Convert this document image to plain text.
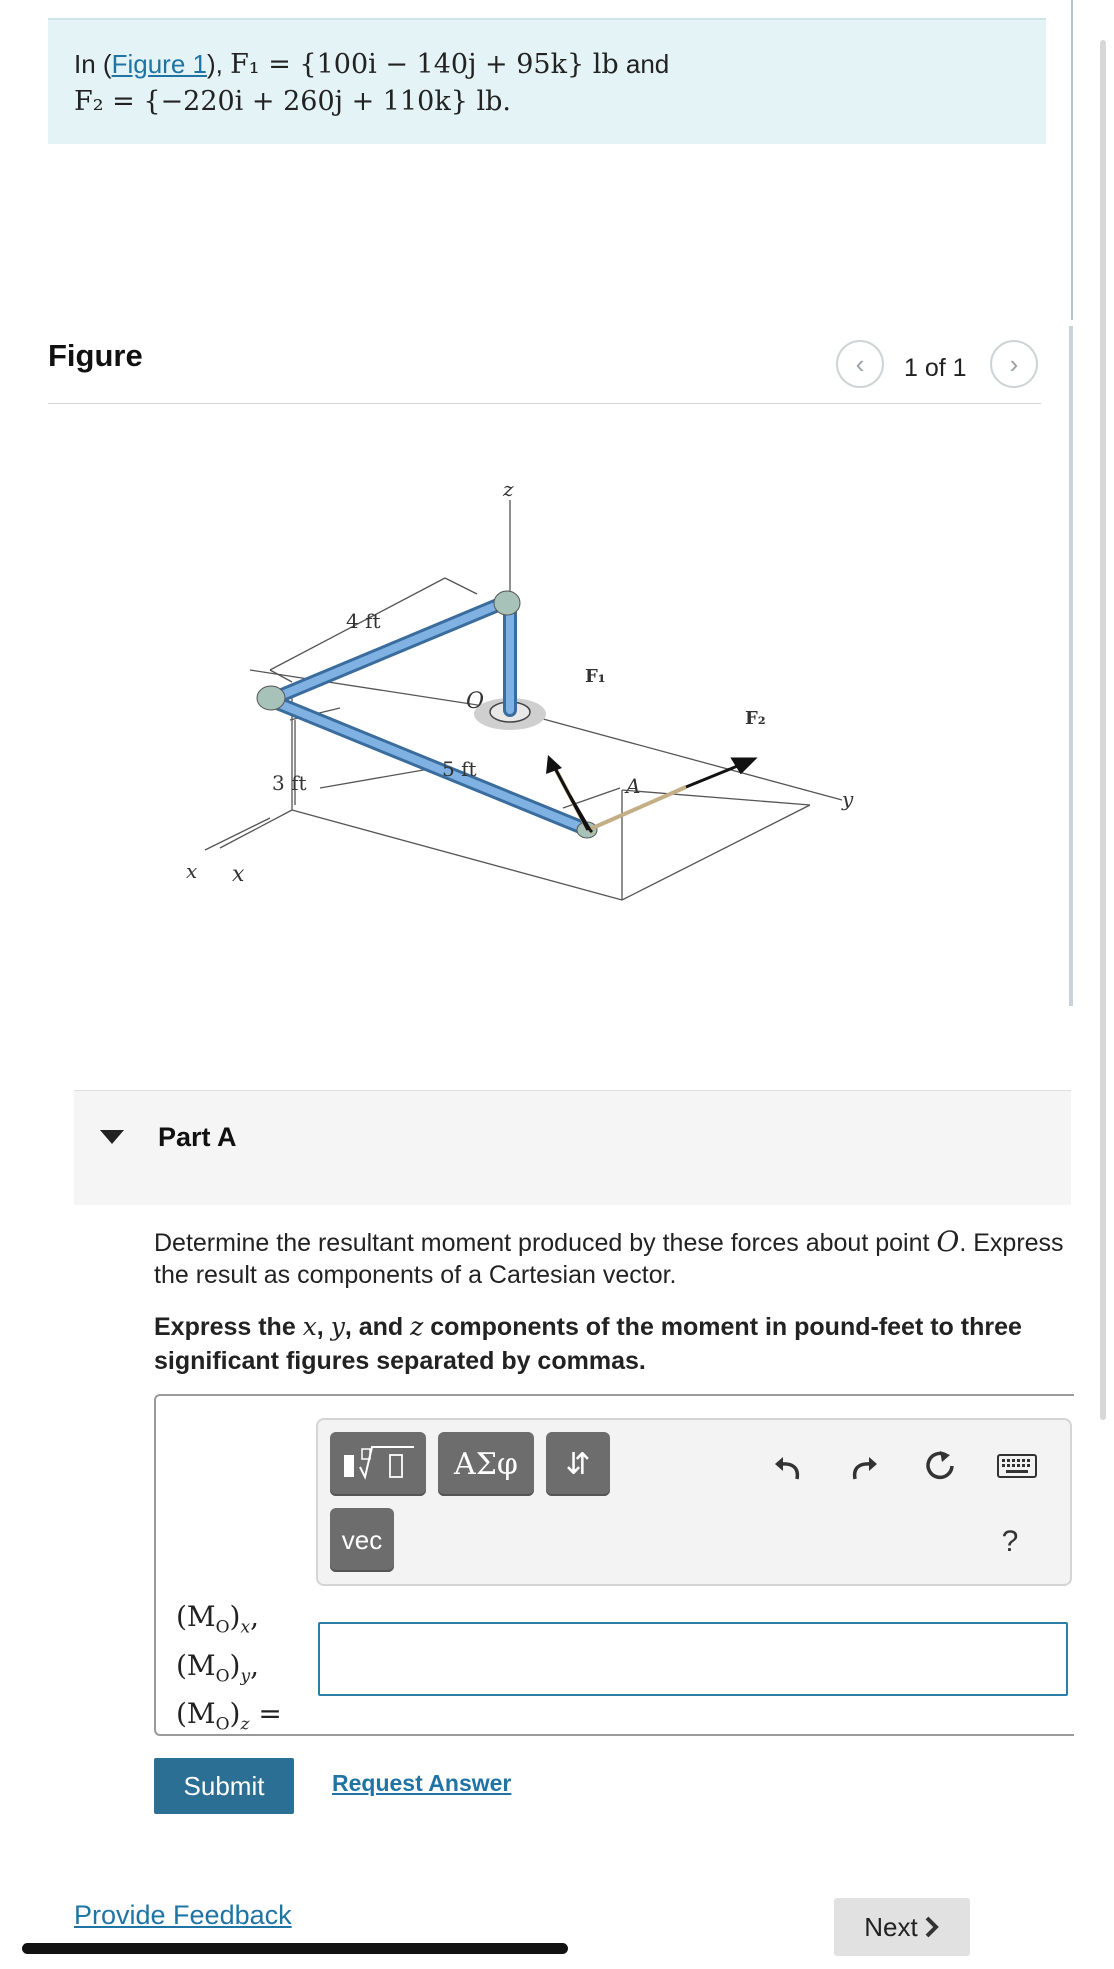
In (Figure 1), F₁ = {100i − 140j + 95k} lb and
F₂ = {−220i + 260j + 110k} lb.
Figure	‹ 1 of 1 ›
z
4 ft
O
F₁
F₂
3 ft
5 ft
A
y
x x
Part A
Determine the resultant moment produced by these forces about point O. Express the result as components of a Cartesian vector.
Express the x, y, and z components of the moment in pound-feet to three significant figures separated by commas.
ΑΣφ	⇵
vec	?
$(M_O)_x$,
$(M_O)_y$,
$(M_O)_z$ =
Submit	Request Answer
Provide Feedback	Next
